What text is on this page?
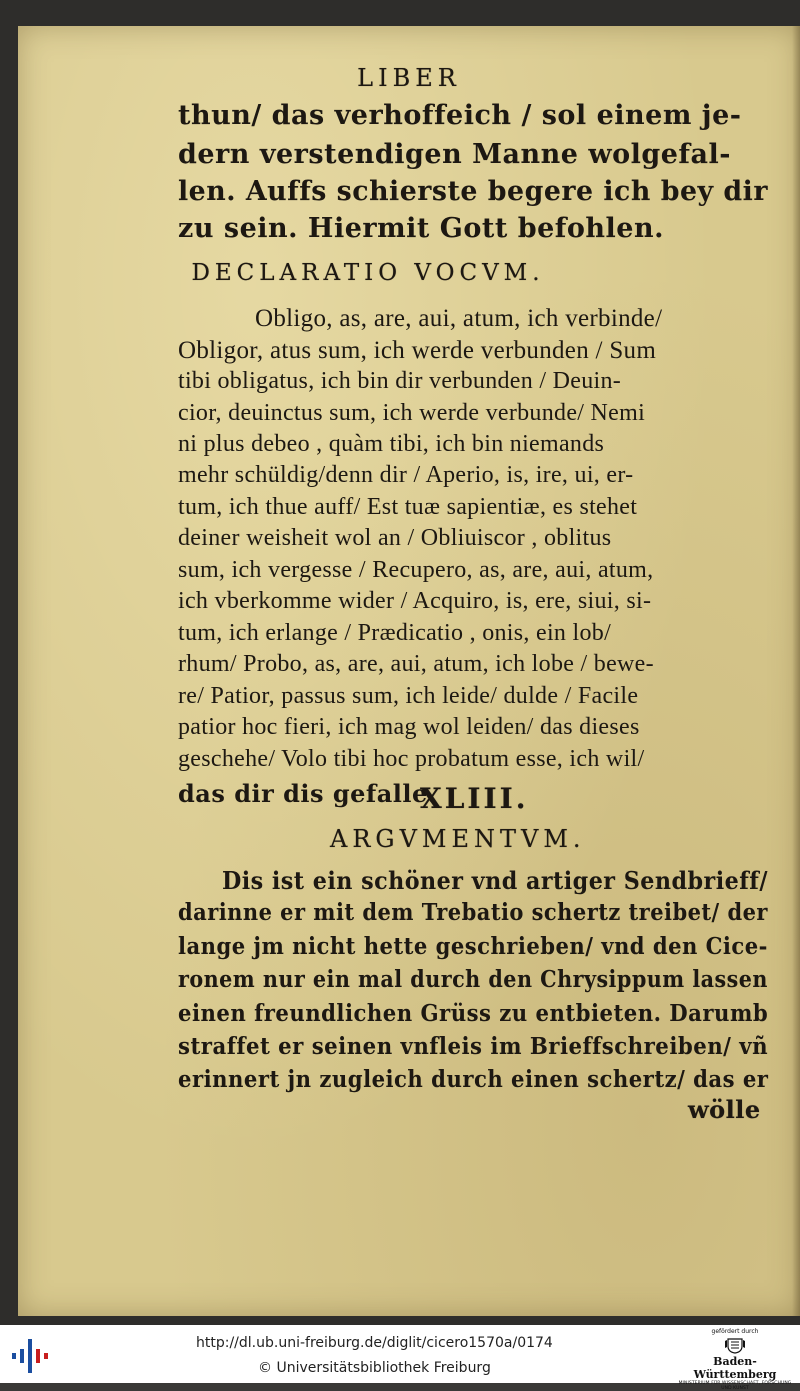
LIBER
thun/ das verhoffeich / sol einem je-
dern verstendigen Manne wolgefal-
len. Auffs schierste begere ich bey dir
zu sein. Hiermit Gott befohlen.
DECLARATIO VOCVM.
Obligo, as, are, aui, atum, ich verbinde/
Obligor, atus sum, ich werde verbunden / Sum
tibi obligatus, ich bin dir verbunden / Deuin-
cior, deuinctus sum, ich werde verbunde/ Nemi
ni plus debeo , quàm tibi, ich bin niemands
mehr schüldig/denn dir / Aperio, is, ire, ui, er-
tum, ich thue auff/ Est tuæ sapientiæ, es stehet
deiner weisheit wol an / Obliuiscor , oblitus
sum, ich vergesse / Recupero, as, are, aui, atum,
ich vberkomme wider / Acquiro, is, ere, siui, si-
tum, ich erlange / Prædicatio , onis, ein lob/
rhum/ Probo, as, are, aui, atum, ich lobe / bewe-
re/ Patior, passus sum, ich leide/ dulde / Facile
patior hoc fieri, ich mag wol leiden/ das dieses
geschehe/ Volo tibi hoc probatum esse, ich wil/
das dir dis gefalle.
XLIII.
ARGVMENTVM.
Dis ist ein schöner vnd artiger Sendbrieff/
darinne er mit dem Trebatio schertz treibet/ der
lange jm nicht hette geschrieben/ vnd den Cice-
ronem nur ein mal durch den Chrysippum lassen
einen freundlichen Grüss zu entbieten. Darumb
straffet er seinen vnfleis im Brieffschreiben/ vñ
erinnert jn zugleich durch einen schertz/ das er
wölle
http://dl.ub.uni-freiburg.de/diglit/cicero1570a/0174
© Universitätsbibliothek Freiburg
gefördert durch
Baden-Württemberg
MINISTERIUM FÜR WISSENSCHAFT, FORSCHUNG UND KUNST
